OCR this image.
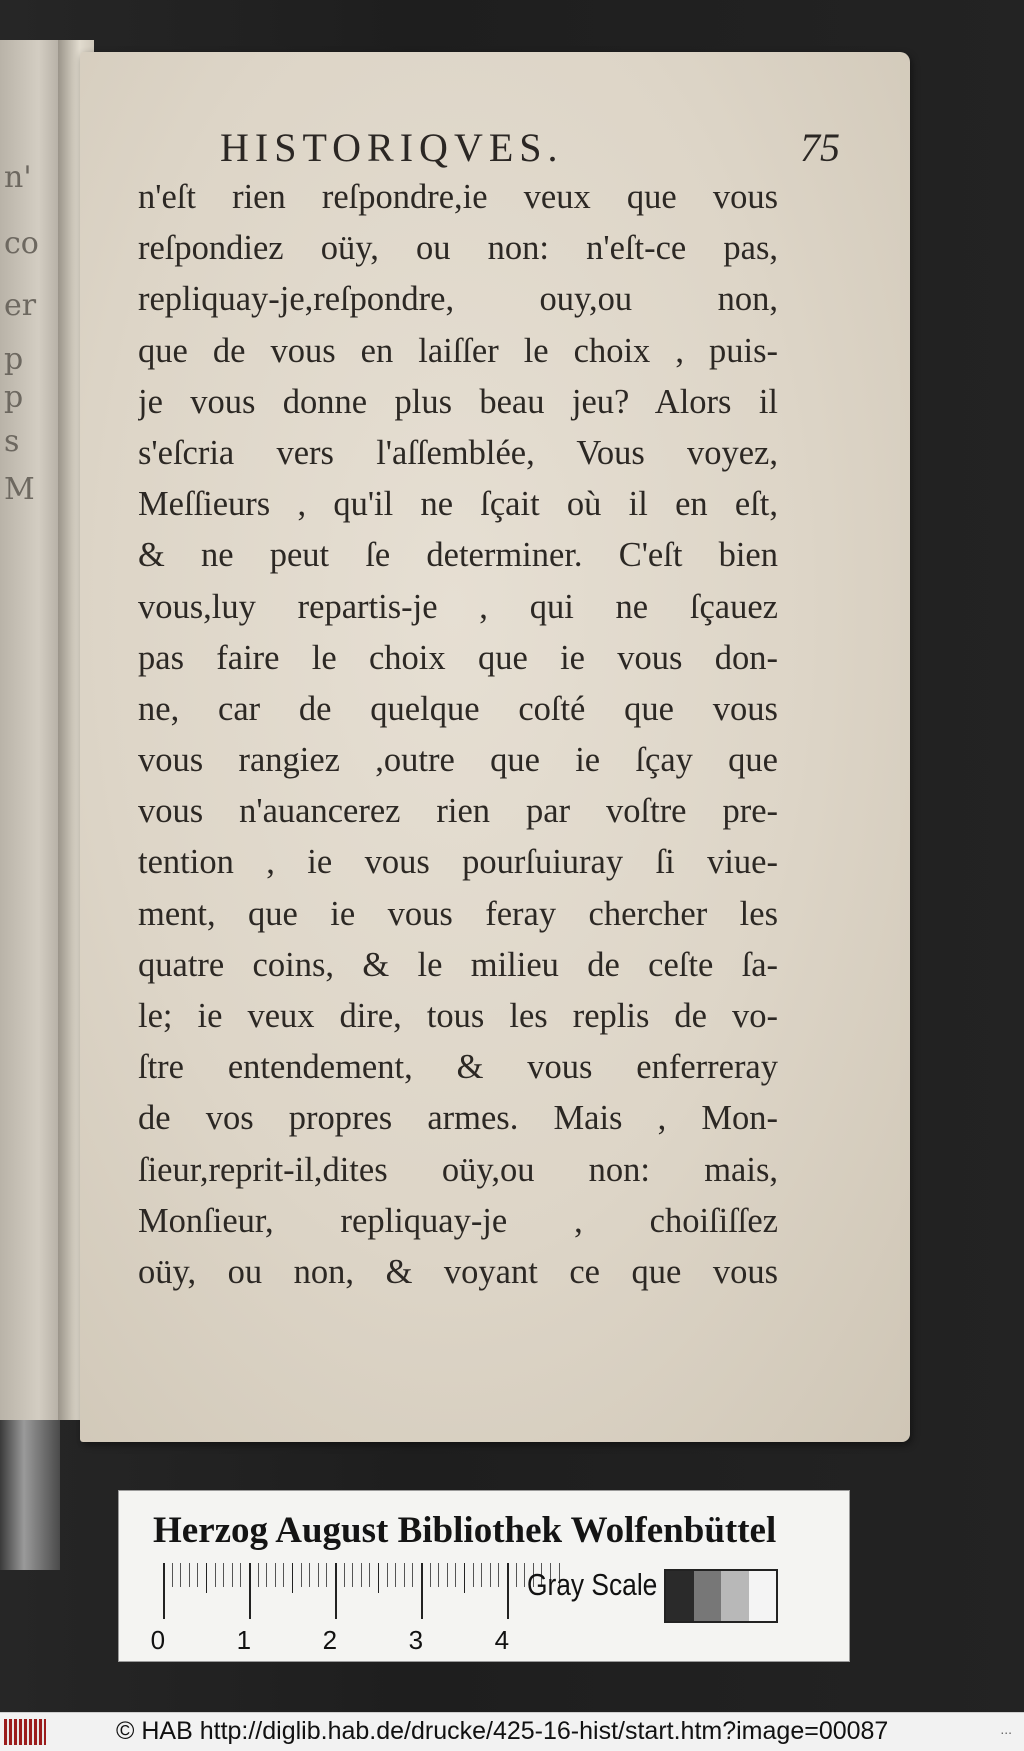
n'
co
er
p
p
s
M
HISTORIQVES.	75
n'eſt rien reſpondre,ie veux que vous
reſpondiez oüy, ou non: n'eſt-ce pas,
repliquay-je,reſpondre, ouy,ou non,
que de vous en laiſſer le choix , puis-
je vous donne plus beau jeu? Alors il
s'eſcria vers l'aſſemblée, Vous voyez,
Meſſieurs , qu'il ne ſçait où il en eſt,
& ne peut ſe determiner. C'eſt bien
vous,luy repartis-je , qui ne ſçauez
pas faire le choix que ie vous don-
ne, car de quelque coſté que vous
vous rangiez ,outre que ie ſçay que
vous n'auancerez rien par voſtre pre-
tention , ie vous pourſuiuray ſi viue-
ment, que ie vous feray chercher les
quatre coins, & le milieu de ceſte ſa-
le; ie veux dire, tous les replis de vo-
ſtre entendement, & vous enferreray
de vos propres armes. Mais , Mon-
ſieur,reprit-il,dites oüy,ou non: mais,
Monſieur, repliquay-je , choiſiſſez
oüy, ou non, & voyant ce que vous
Herzog August Bibliothek Wolfenbüttel
0	1	2	3	4
Gray Scale
© HAB http://diglib.hab.de/drucke/425-16-hist/start.htm?image=00087	...
